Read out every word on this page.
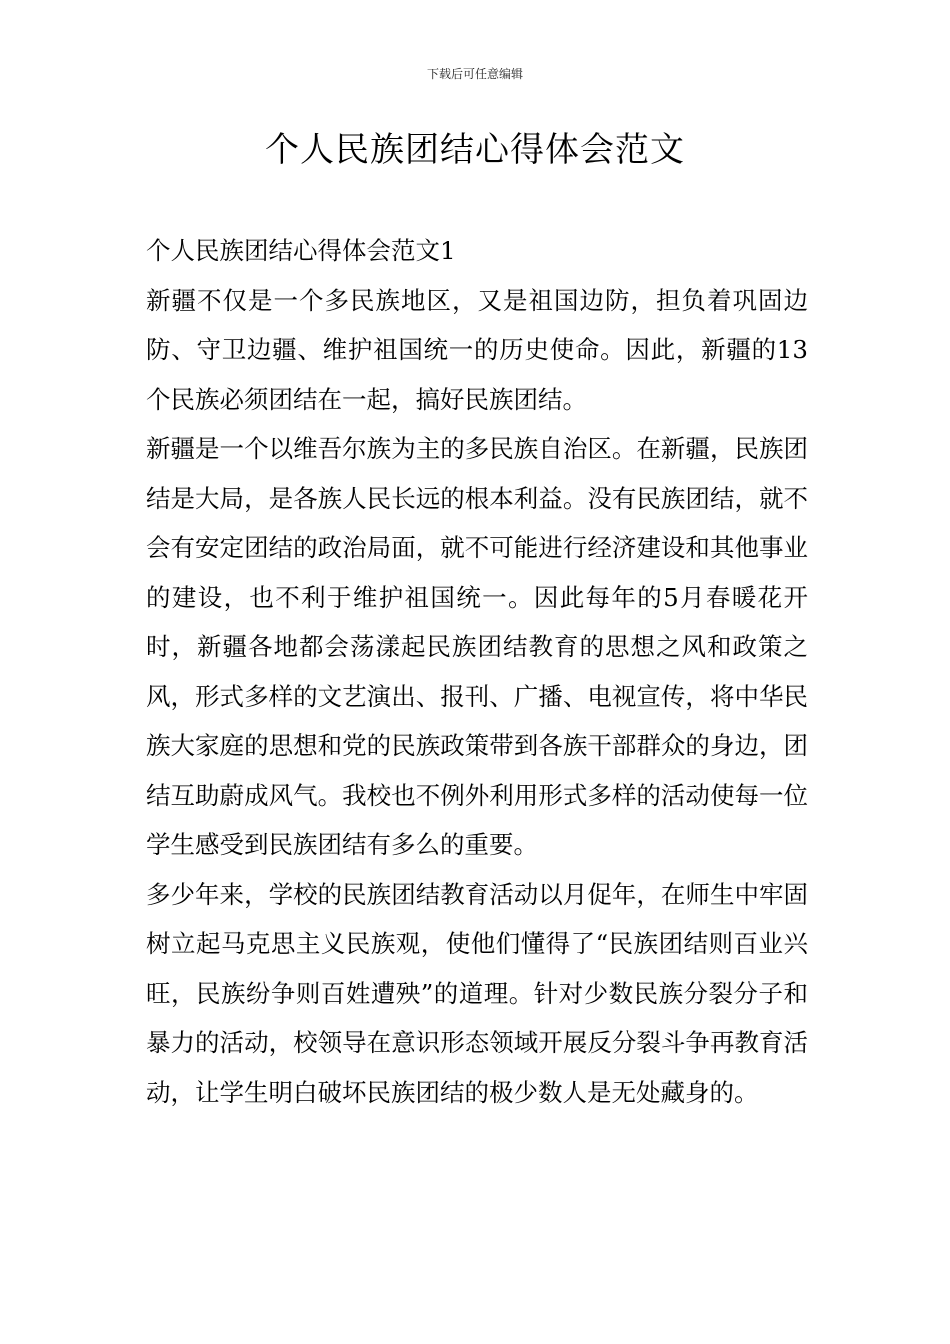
下载后可任意编辑
个人民族团结心得体会范文

个人民族团结心得体会范文1

新疆不仅是一个多民族地区，又是祖国边防，担负着巩固边防、守卫边疆、维护祖国统一的历史使命。因此，新疆的13个民族必须团结在一起，搞好民族团结。

新疆是一个以维吾尔族为主的多民族自治区。在新疆，民族团结是大局，是各族人民长远的根本利益。没有民族团结，就不会有安定团结的政治局面，就不可能进行经济建设和其他事业的建设，也不利于维护祖国统一。因此每年的5月春暖花开时，新疆各地都会荡漾起民族团结教育的思想之风和政策之风，形式多样的文艺演出、报刊、广播、电视宣传，将中华民族大家庭的思想和党的民族政策带到各族干部群众的身边，团结互助蔚成风气。我校也不例外利用形式多样的活动使每一位学生感受到民族团结有多么的重要。

多少年来，学校的民族团结教育活动以月促年，在师生中牢固树立起马克思主义民族观，使他们懂得了“民族团结则百业兴旺，民族纷争则百姓遭殃”的道理。针对少数民族分裂分子和暴力的活动，校领导在意识形态领域开展反分裂斗争再教育活动，让学生明白破坏民族团结的极少数人是无处藏身的。
